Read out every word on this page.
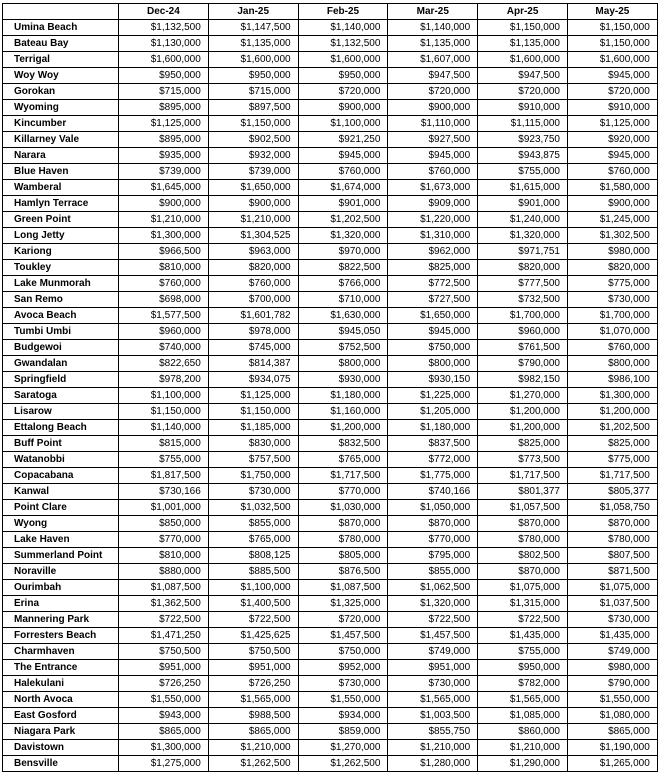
	Dec-24	Jan-25	Feb-25	Mar-25	Apr-25	May-25
Umina Beach	$1,132,500	$1,147,500	$1,140,000	$1,140,000	$1,150,000	$1,150,000
Bateau Bay	$1,130,000	$1,135,000	$1,132,500	$1,135,000	$1,135,000	$1,150,000
Terrigal	$1,600,000	$1,600,000	$1,600,000	$1,607,000	$1,600,000	$1,600,000
Woy Woy	$950,000	$950,000	$950,000	$947,500	$947,500	$945,000
Gorokan	$715,000	$715,000	$720,000	$720,000	$720,000	$720,000
Wyoming	$895,000	$897,500	$900,000	$900,000	$910,000	$910,000
Kincumber	$1,125,000	$1,150,000	$1,100,000	$1,110,000	$1,115,000	$1,125,000
Killarney Vale	$895,000	$902,500	$921,250	$927,500	$923,750	$920,000
Narara	$935,000	$932,000	$945,000	$945,000	$943,875	$945,000
Blue Haven	$739,000	$739,000	$760,000	$760,000	$755,000	$760,000
Wamberal	$1,645,000	$1,650,000	$1,674,000	$1,673,000	$1,615,000	$1,580,000
Hamlyn Terrace	$900,000	$900,000	$901,000	$909,000	$901,000	$900,000
Green Point	$1,210,000	$1,210,000	$1,202,500	$1,220,000	$1,240,000	$1,245,000
Long Jetty	$1,300,000	$1,304,525	$1,320,000	$1,310,000	$1,320,000	$1,302,500
Kariong	$966,500	$963,000	$970,000	$962,000	$971,751	$980,000
Toukley	$810,000	$820,000	$822,500	$825,000	$820,000	$820,000
Lake Munmorah	$760,000	$760,000	$766,000	$772,500	$777,500	$775,000
San Remo	$698,000	$700,000	$710,000	$727,500	$732,500	$730,000
Avoca Beach	$1,577,500	$1,601,782	$1,630,000	$1,650,000	$1,700,000	$1,700,000
Tumbi Umbi	$960,000	$978,000	$945,050	$945,000	$960,000	$1,070,000
Budgewoi	$740,000	$745,000	$752,500	$750,000	$761,500	$760,000
Gwandalan	$822,650	$814,387	$800,000	$800,000	$790,000	$800,000
Springfield	$978,200	$934,075	$930,000	$930,150	$982,150	$986,100
Saratoga	$1,100,000	$1,125,000	$1,180,000	$1,225,000	$1,270,000	$1,300,000
Lisarow	$1,150,000	$1,150,000	$1,160,000	$1,205,000	$1,200,000	$1,200,000
Ettalong Beach	$1,140,000	$1,185,000	$1,200,000	$1,180,000	$1,200,000	$1,202,500
Buff Point	$815,000	$830,000	$832,500	$837,500	$825,000	$825,000
Watanobbi	$755,000	$757,500	$765,000	$772,000	$773,500	$775,000
Copacabana	$1,817,500	$1,750,000	$1,717,500	$1,775,000	$1,717,500	$1,717,500
Kanwal	$730,166	$730,000	$770,000	$740,166	$801,377	$805,377
Point Clare	$1,001,000	$1,032,500	$1,030,000	$1,050,000	$1,057,500	$1,058,750
Wyong	$850,000	$855,000	$870,000	$870,000	$870,000	$870,000
Lake Haven	$770,000	$765,000	$780,000	$770,000	$780,000	$780,000
Summerland Point	$810,000	$808,125	$805,000	$795,000	$802,500	$807,500
Noraville	$880,000	$885,500	$876,500	$855,000	$870,000	$871,500
Ourimbah	$1,087,500	$1,100,000	$1,087,500	$1,062,500	$1,075,000	$1,075,000
Erina	$1,362,500	$1,400,500	$1,325,000	$1,320,000	$1,315,000	$1,037,500
Mannering Park	$722,500	$722,500	$720,000	$722,500	$722,500	$730,000
Forresters Beach	$1,471,250	$1,425,625	$1,457,500	$1,457,500	$1,435,000	$1,435,000
Charmhaven	$750,500	$750,500	$750,000	$749,000	$755,000	$749,000
The Entrance	$951,000	$951,000	$952,000	$951,000	$950,000	$980,000
Halekulani	$726,250	$726,250	$730,000	$730,000	$782,000	$790,000
North Avoca	$1,550,000	$1,565,000	$1,550,000	$1,565,000	$1,565,000	$1,550,000
East Gosford	$943,000	$988,500	$934,000	$1,003,500	$1,085,000	$1,080,000
Niagara Park	$865,000	$865,000	$859,000	$855,750	$860,000	$865,000
Davistown	$1,300,000	$1,210,000	$1,270,000	$1,210,000	$1,210,000	$1,190,000
Bensville	$1,275,000	$1,262,500	$1,262,500	$1,280,000	$1,290,000	$1,265,000
